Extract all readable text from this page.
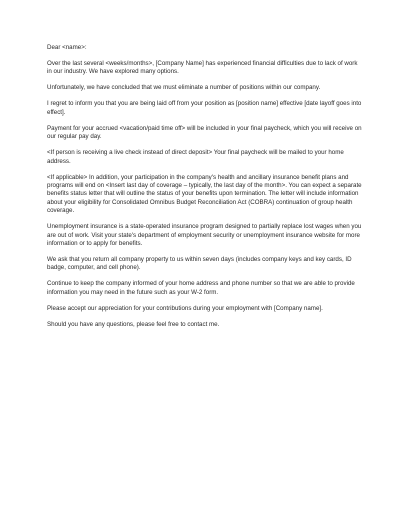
Dear <name>:

Over the last several <weeks/months>, [Company Name] has experienced financial difficulties due to lack of work in our industry. We have explored many options.

Unfortunately, we have concluded that we must eliminate a number of positions within our company.

I regret to inform you that you are being laid off from your position as [position name] effective [date layoff goes into effect].

Payment for your accrued <vacation/paid time off> will be included in your final paycheck, which you will receive on our regular pay day.

<If person is receiving a live check instead of direct deposit> Your final paycheck will be mailed to your home address.

<If applicable> In addition, your participation in the company's health and ancillary insurance benefit plans and programs will end on <Insert last day of coverage – typically, the last day of the month>. You can expect a separate benefits status letter that will outline the status of your benefits upon termination. The letter will include information about your eligibility for Consolidated Omnibus Budget Reconciliation Act (COBRA) continuation of group health coverage.

Unemployment insurance is a state-operated insurance program designed to partially replace lost wages when you are out of work. Visit your state's department of employment security or unemployment insurance website for more information or to apply for benefits.

We ask that you return all company property to us within seven days (includes company keys and key cards, ID badge, computer, and cell phone).

Continue to keep the company informed of your home address and phone number so that we are able to provide information you may need in the future such as your W-2 form.

Please accept our appreciation for your contributions during your employment with [Company name].

Should you have any questions, please feel free to contact me.
